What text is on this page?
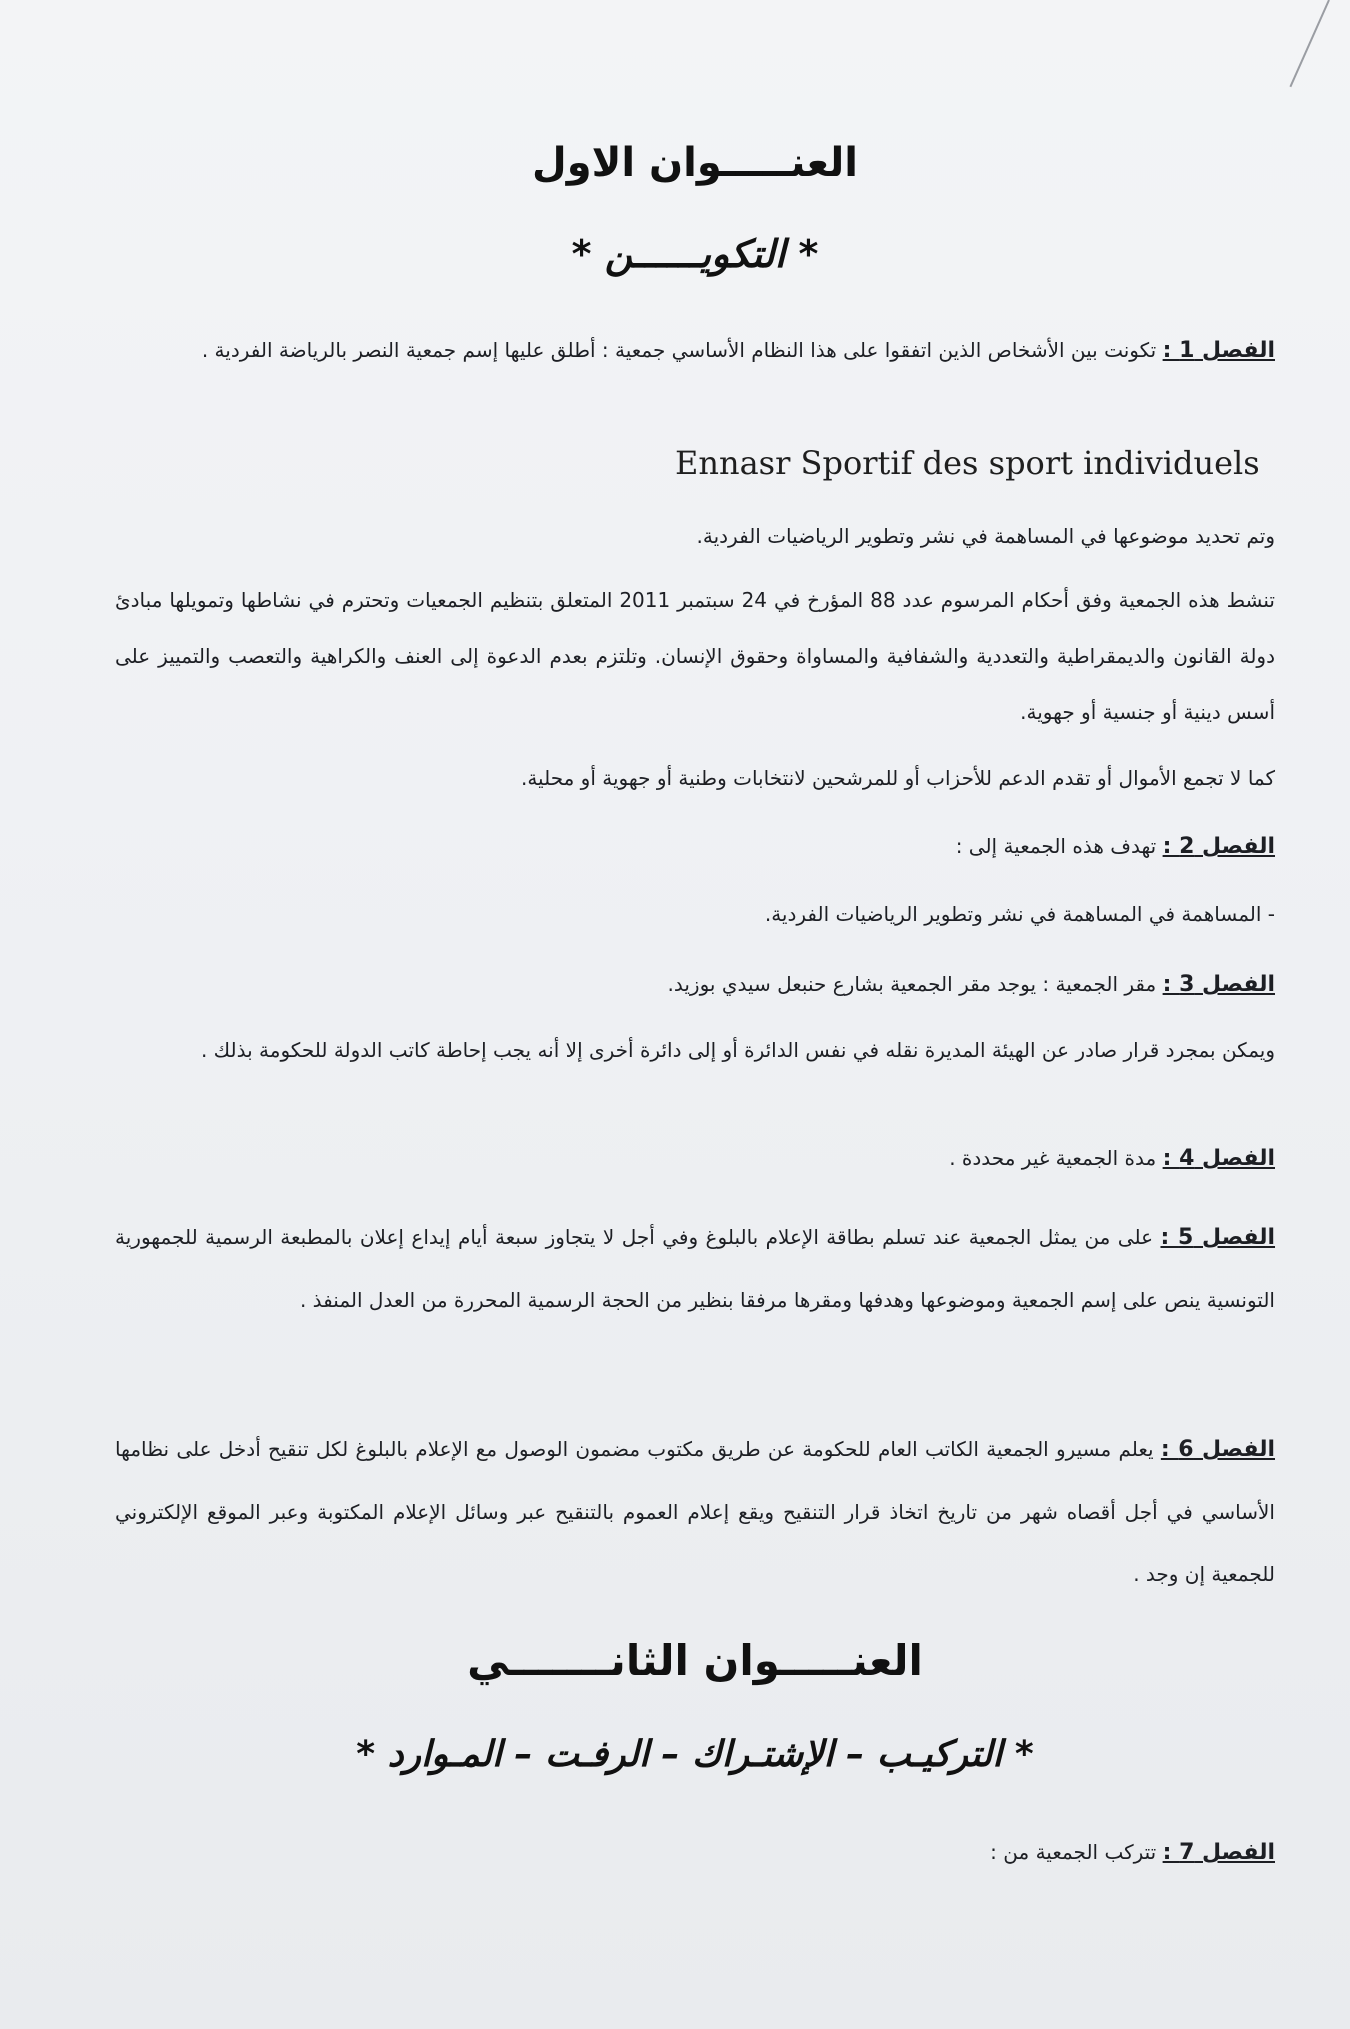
العنـــــوان الاول
* التكويــــــن *
الفصل 1 : تكونت بين الأشخاص الذين اتفقوا على هذا النظام الأساسي جمعية : أطلق عليها إسم جمعية النصر بالرياضة الفردية .
Ennasr Sportif des sport individuels
وتم تحديد موضوعها في المساهمة في نشر وتطوير الرياضيات الفردية.
تنشط هذه الجمعية وفق أحكام المرسوم عدد 88 المؤرخ في 24 سبتمبر 2011 المتعلق بتنظيم الجمعيات وتحترم في نشاطها وتمويلها مبادئ دولة القانون والديمقراطية والتعددية والشفافية والمساواة وحقوق الإنسان. وتلتزم بعدم الدعوة إلى العنف والكراهية والتعصب والتمييز على أسس دينية أو جنسية أو جهوية.
كما لا تجمع الأموال أو تقدم الدعم للأحزاب أو للمرشحين لانتخابات وطنية أو جهوية أو محلية.
الفصل 2 : تهدف هذه الجمعية إلى :
- المساهمة في المساهمة في نشر وتطوير الرياضيات الفردية.
الفصل 3 : مقر الجمعية : يوجد مقر الجمعية بشارع حنبعل سيدي بوزيد.
ويمكن بمجرد قرار صادر عن الهيئة المديرة نقله في نفس الدائرة أو إلى دائرة أخرى إلا أنه يجب إحاطة كاتب الدولة للحكومة بذلك .
الفصل 4 : مدة الجمعية غير محددة .
الفصل 5 : على من يمثل الجمعية عند تسلم بطاقة الإعلام بالبلوغ وفي أجل لا يتجاوز سبعة أيام إيداع إعلان بالمطبعة الرسمية للجمهورية التونسية ينص على إسم الجمعية وموضوعها وهدفها ومقرها مرفقا بنظير من الحجة الرسمية المحررة من العدل المنفذ .
الفصل 6 : يعلم مسيرو الجمعية الكاتب العام للحكومة عن طريق مكتوب مضمون الوصول مع الإعلام بالبلوغ لكل تنقيح أدخل على نظامها الأساسي في أجل أقصاه شهر من تاريخ اتخاذ قرار التنقيح ويقع إعلام العموم بالتنقيح عبر وسائل الإعلام المكتوبة وعبر الموقع الإلكتروني للجمعية إن وجد .
العنـــــوان الثانـــــــي
* التركيـب – الإشتـراك – الرفـت – المـوارد *
الفصل 7 : تتركب الجمعية من :
